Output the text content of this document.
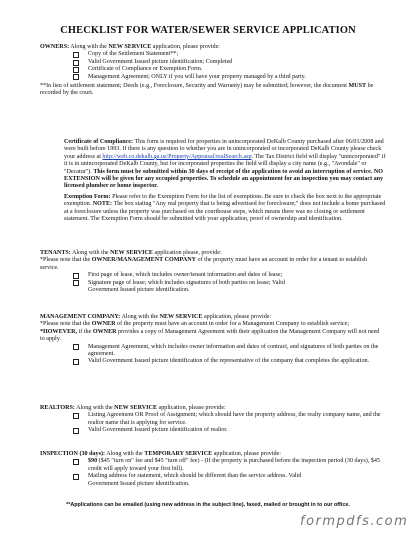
CHECKLIST FOR WATER/SEWER SERVICE APPLICATION
OWNERS: Along with the NEW SERVICE application, please provide:
Copy of the Settlement Statement**;
Valid Government Issued picture identification; Completed
Certificate of Compliance or Exemption Form.
Management Agreement; ONLY if you will have your property managed by a third party.
**In lieu of settlement statement; Deeds (e.g., Foreclosure, Security and Warranty) may be submitted; however, the document MUST be recorded by the court.
Certificate of Compliance: This form is required for properties in unincorporated DeKalb County purchased after 06/01/2008 and were built before 1993. If there is any question to whether you are in unincorporated or incorporated DeKalb County please check your address at http://web.co.dekalb.ga.us/Property/Appraisal/realSearch.asp. The Tax District field will display "unincorporated" if it is in unincorporated DeKalb County, but for incorporated properties the field will display a city name (e.g., "Avondale" or "Decatur"). This form must be submitted within 30 days of receipt of the application to avoid an interruption of service. NO EXTENSION will be given for any occupied properties. To schedule an appointment for an inspection you may contact any licensed plumber or home inspector.
Exemption Form: Please refer to the Exemption Form for the list of exemptions. Be sure to check the box next to the appropriate exemption. NOTE: The box stating "Any real property that is being advertised for foreclosure;" does not include a home purchased at a foreclosure unless the property was purchased on the courthouse steps, which means there was no closing or settlement statement. The Exemption Form should be submitted with your application, proof of ownership and identification.
TENANTS: Along with the NEW SERVICE application please, provide:
*Please note that the OWNER/MANAGEMENT COMPANY of the property must have an account in order for a tenant to establish service.
First page of lease, which includes owner/tenant information and dates of lease;
Signature page of lease; which includes signatures of both parties on lease; Valid
Government Issued picture identification.
MANAGEMENT COMPANY: Along with the NEW SERVICE application, please provide:
*Please note that the OWNER of the property must have an account in order for a Management Company to establish service;
*HOWEVER, if the OWNER provides a copy of Management Agreement with their application the Management Company will not need to apply.
Management Agreement, which includes owner information and dates of contract, and signatures of both parties on the agreement.
Valid Government Issued picture identification of the representative of the company that completes the application.
REALTORS: Along with the NEW SERVICE application, please provide:
Listing Agreement OR Proof of Assignment; which should have the property address, the realty company name, and the realtor name that is applying for service.
Valid Government Issued picture identification of realtor.
INSPECTION (30 days): Along with the TEMPORARY SERVICE application, please provide:
$90 ($45 "turn on" fee and $45 "turn off" fee) - (If the property is purchased before the inspection period (30 days), $45 credit will apply toward your first bill).
Mailing address for statement, which should be different than the service address. Valid
Government Issued picture identification.
**Applications can be emailed (using new address in the subject line), faxed, mailed or brought in to our office.
formpdfs.com
